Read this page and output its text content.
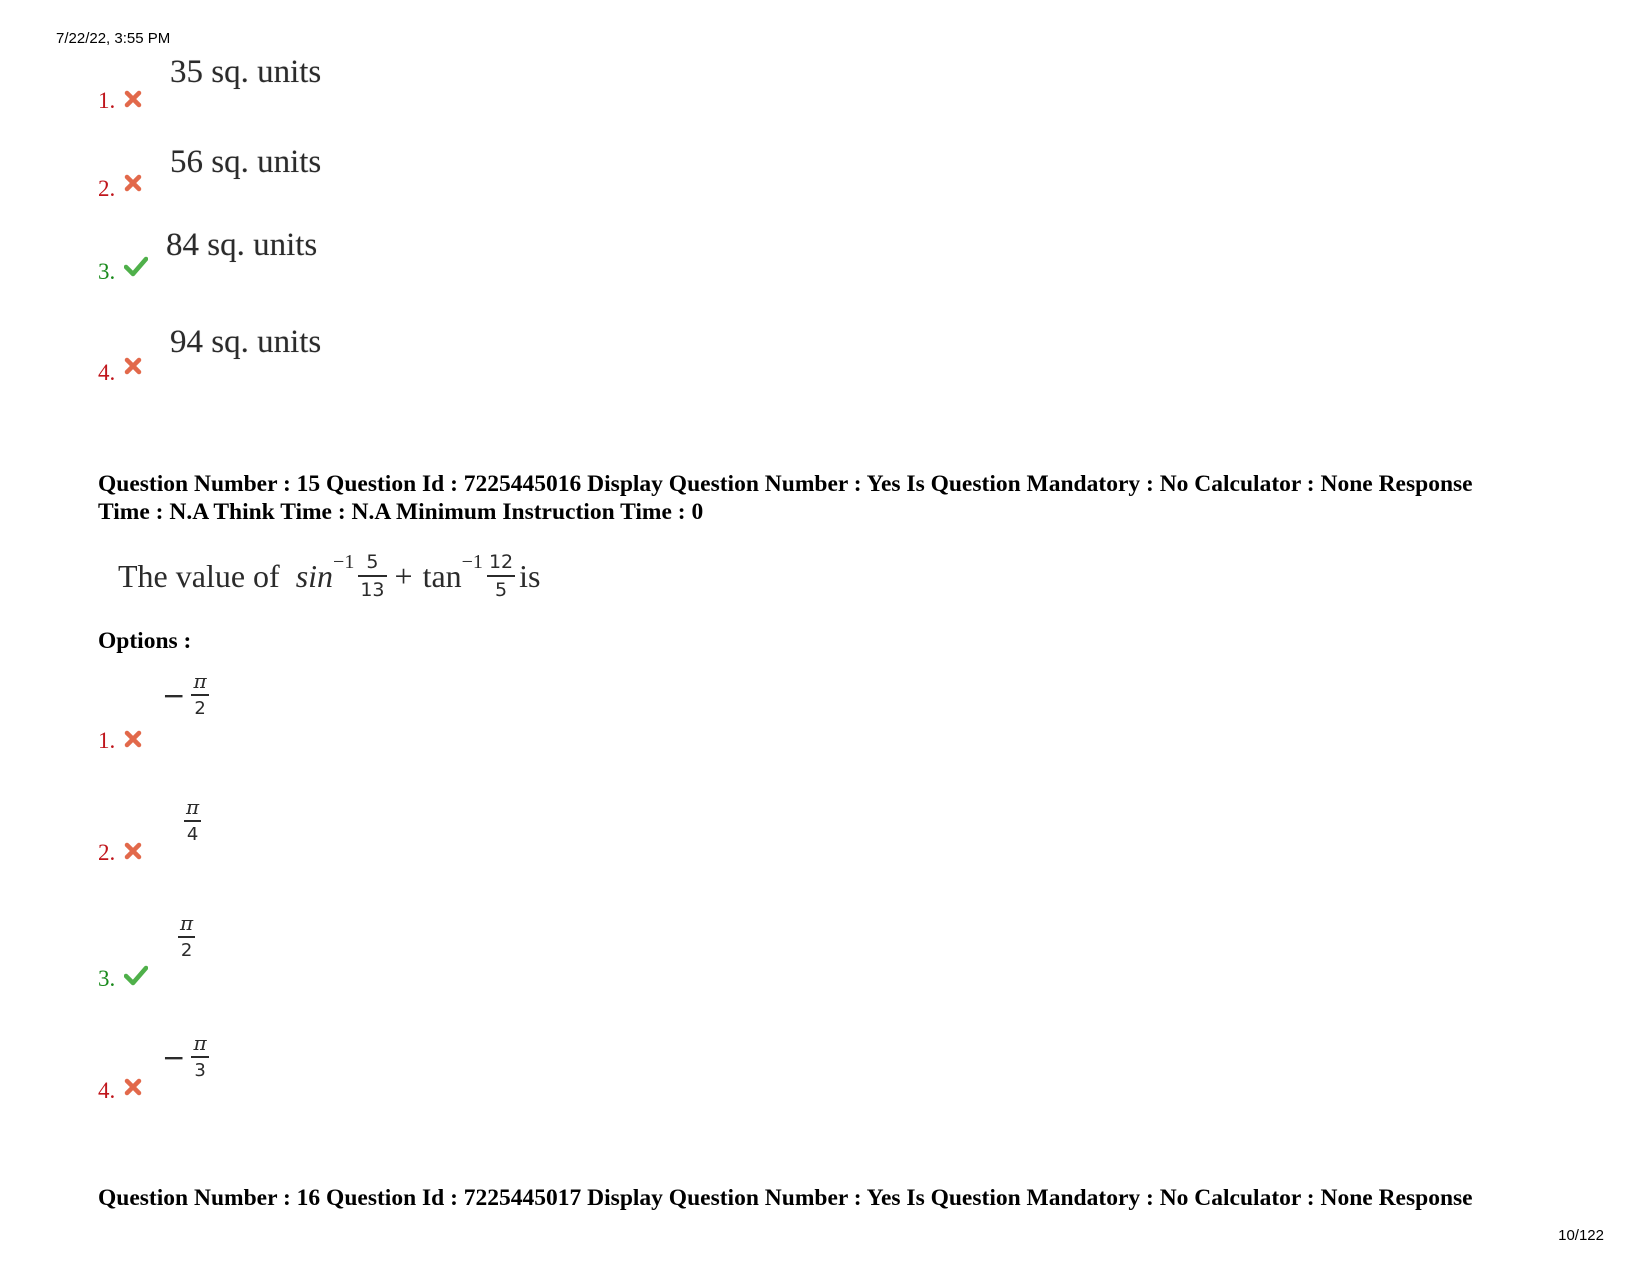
7/22/22, 3:55 PM
1.
35 sq. units
2.
56 sq. units
3.
84 sq. units
4.
94 sq. units
Question Number : 15 Question Id : 7225445016 Display Question Number : Yes Is Question Mandatory : No Calculator : None Response
Time : N.A Think Time : N.A Minimum Instruction Time : 0
The value of $\sin^{-1} \frac{5}{13} + \tan^{-1} \frac{12}{5}$ is
Options :
1.
− $\frac{\pi}{2}$
2.
$\frac{\pi}{4}$
3.
$\frac{\pi}{2}$
4.
− $\frac{\pi}{3}$
Question Number : 16 Question Id : 7225445017 Display Question Number : Yes Is Question Mandatory : No Calculator : None Response
10/122
